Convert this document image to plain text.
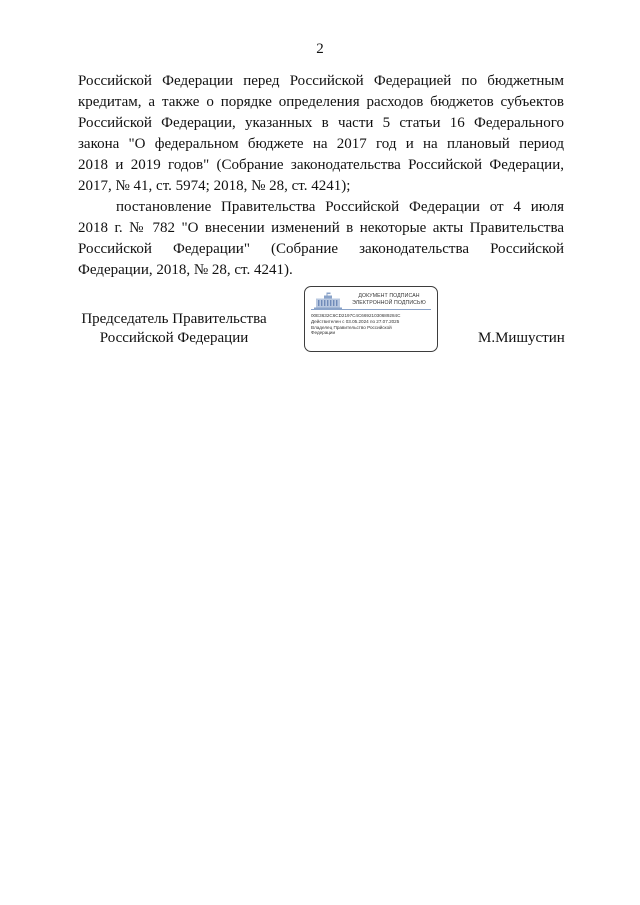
2

Российской Федерации перед Российской Федерацией по бюджетным
кредитам, а также о порядке определения расходов бюджетов субъектов
Российской Федерации, указанных в части 5 статьи 16 Федерального
закона "О федеральном бюджете на 2017 год и на плановый период
2018 и 2019 годов" (Собрание законодательства Российской Федерации,
2017, № 41, ст. 5974; 2018, № 28, ст. 4241);

постановление Правительства Российской Федерации от 4 июля
2018 г. № 782 "О внесении изменений в некоторые акты Правительства
Российской Федерации" (Собрание законодательства Российской
Федерации, 2018, № 28, ст. 4241).

Председатель Правительства
Российской Федерации
ДОКУМЕНТ ПОДПИСАН
ЭЛЕКТРОННОЙ ПОДПИСЬЮ
00E3632C6CD2197C4C66921030689284C
Действителен с 03.05.2024 по 27.07.2025
Владелец Правительство Российской
Федерации	М.Мишустин
